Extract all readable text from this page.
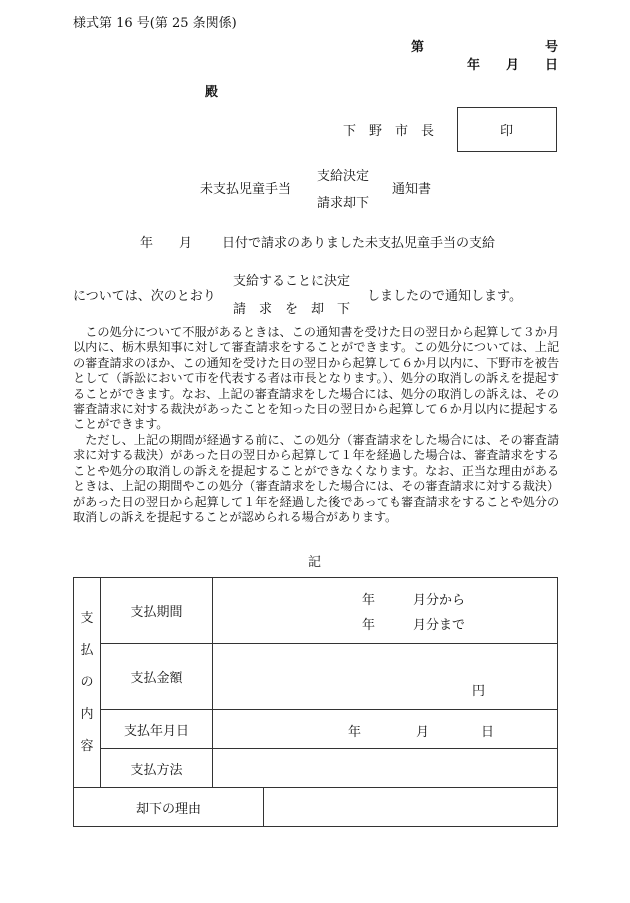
様式第 16 号(第 25 条関係)
第	号
年 月 日
殿
下　野　市　長	印
未支払児童手当
支給決定
請求却下
通知書
年 月 日付で請求のありました未支払児童手当の支給
支給することに決定
については、次のとおり	しましたので通知します。
請　求　を　却　下

この処分について不服があるときは、この通知書を受けた日の翌日から起算して３か月以内に、栃木県知事に対して審査請求をすることができます。この処分については、上記の審査請求のほか、この通知を受けた日の翌日から起算して６か月以内に、下野市を被告として（訴訟において市を代表する者は市長となります。）、処分の取消しの訴えを提起することができます。なお、上記の審査請求をした場合には、処分の取消しの訴えは、その審査請求に対する裁決があったことを知った日の翌日から起算して６か月以内に提起することができます。

ただし、上記の期間が経過する前に、この処分（審査請求をした場合には、その審査請求に対する裁決）があった日の翌日から起算して１年を経過した場合は、審査請求をすることや処分の取消しの訴えを提起することができなくなります。なお、正当な理由があるときは、上記の期間やこの処分（審査請求をした場合には、その審査請求に対する裁決）があった日の翌日から起算して１年を経過した後であっても審査請求をすることや処分の取消しの訴えを提起することが認められる場合があります。

記
支
払
の
内
容	支払期間	年 月分から
年 月分まで	

	支払金額	円	

	支払年月日	年 月 日	

	支払方法		
却下の理由			
